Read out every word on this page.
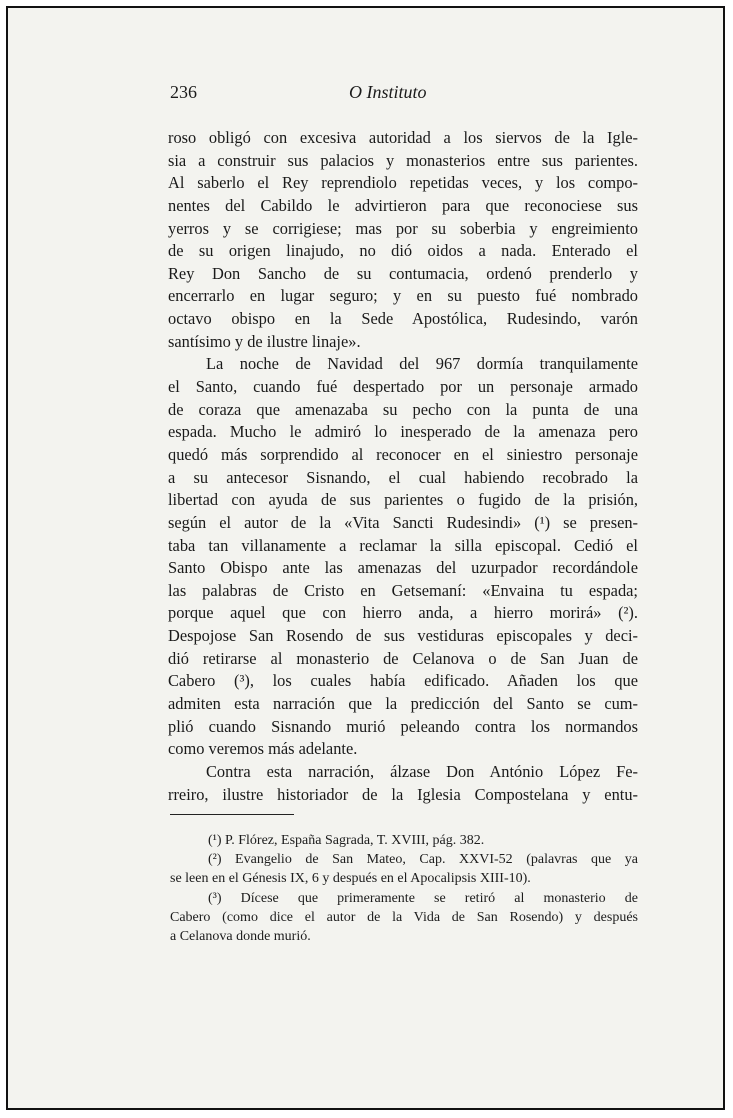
236	O Instituto
roso obligó con excesiva autoridad a los siervos de la Igle-
sia a construir sus palacios y monasterios entre sus parientes.
Al saberlo el Rey reprendiolo repetidas veces, y los compo-
nentes del Cabildo le advirtieron para que reconociese sus
yerros y se corrigiese; mas por su soberbia y engreimiento
de su origen linajudo, no dió oidos a nada. Enterado el
Rey Don Sancho de su contumacia, ordenó prenderlo y
encerrarlo en lugar seguro; y en su puesto fué nombrado
octavo obispo en la Sede Apostólica, Rudesindo, varón
santísimo y de ilustre linaje».
La noche de Navidad del 967 dormía tranquilamente
el Santo, cuando fué despertado por un personaje armado
de coraza que amenazaba su pecho con la punta de una
espada. Mucho le admiró lo inesperado de la amenaza pero
quedó más sorprendido al reconocer en el siniestro personaje
a su antecesor Sisnando, el cual habiendo recobrado la
libertad con ayuda de sus parientes o fugido de la prisión,
según el autor de la «Vita Sancti Rudesindi» (¹) se presen-
taba tan villanamente a reclamar la silla episcopal. Cedió el
Santo Obispo ante las amenazas del uzurpador recordándole
las palabras de Cristo en Getsemaní: «Envaina tu espada;
porque aquel que con hierro anda, a hierro morirá» (²).
Despojose San Rosendo de sus vestiduras episcopales y deci-
dió retirarse al monasterio de Celanova o de San Juan de
Cabero (³), los cuales había edificado. Añaden los que
admiten esta narración que la predicción del Santo se cum-
plió cuando Sisnando murió peleando contra los normandos
como veremos más adelante.
Contra esta narración, álzase Don António López Fe-
rreiro, ilustre historiador de la Iglesia Compostelana y entu-
(¹) P. Flórez, España Sagrada, T. XVIII, pág. 382.
(²) Evangelio de San Mateo, Cap. XXVI-52 (palavras que ya
se leen en el Génesis IX, 6 y después en el Apocalipsis XIII-10).
(³) Dícese que primeramente se retiró al monasterio de
Cabero (como dice el autor de la Vida de San Rosendo) y después
a Celanova donde murió.
